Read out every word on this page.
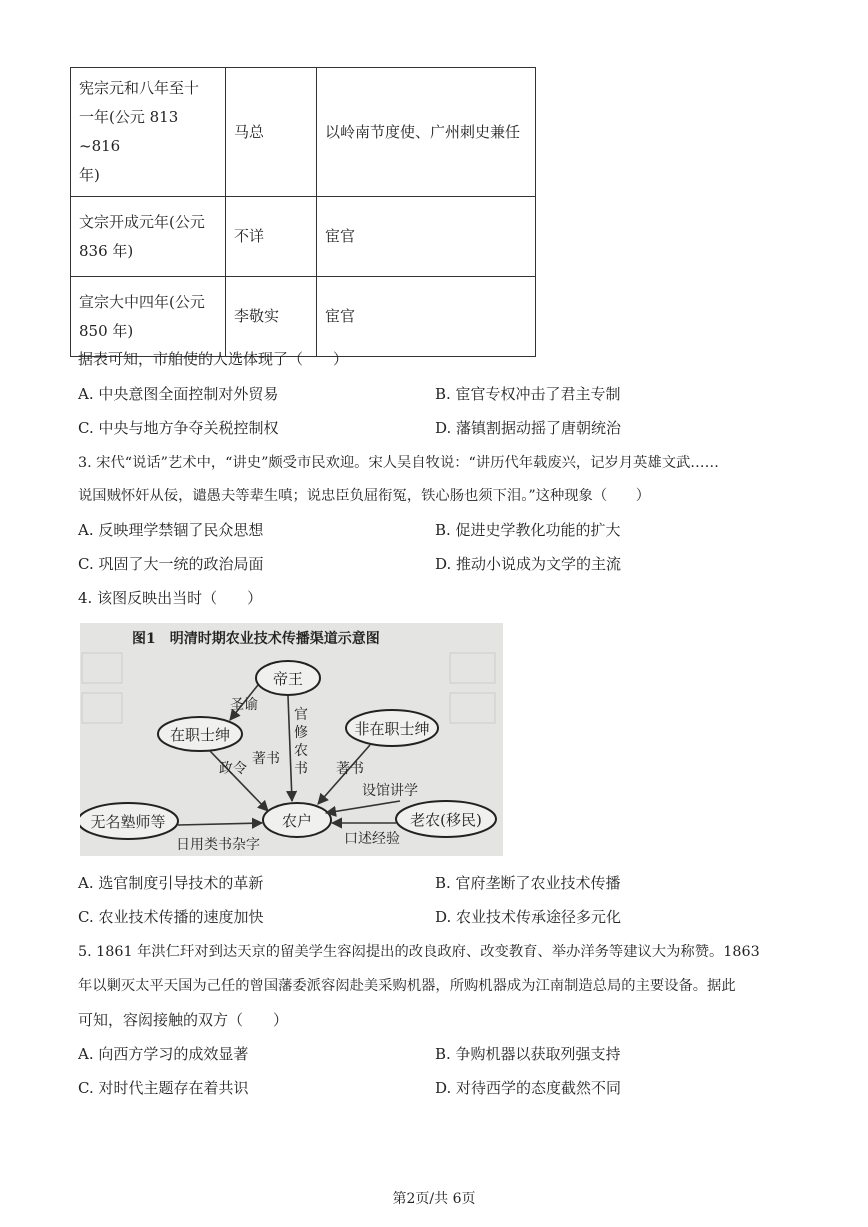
宪宗元和八年至十
一年(公元 813 ~816
年)	马总	以岭南节度使、广州刺史兼任

文宗开成元年(公元
836 年)	不详	宦官

宣宗大中四年(公元
850 年)	李敬实	宦官
据表可知，市舶使的人选体现了（　　）
A. 中央意图全面控制对外贸易	B. 宦官专权冲击了君主专制
C. 中央与地方争夺关税控制权	D. 藩镇割据动摇了唐朝统治
3. 宋代“说话”艺术中，“讲史”颇受市民欢迎。宋人吴自牧说：“讲历代年载废兴，记岁月英雄文武……
说国贼怀奸从佞，谴愚夫等辈生嗔；说忠臣负屈衔冤，铁心肠也须下泪。”这种现象（　　）
A. 反映理学禁锢了民众思想	B. 促进史学教化功能的扩大
C. 巩固了大一统的政治局面	D. 推动小说成为文学的主流
4. 该图反映出当时（　　）
图1　明清时期农业技术传播渠道示意图
帝王
在职士绅	非在职士绅
无名塾师等	农户	老农(移民)
圣谕
官
修
农
书
政令
著书
著书
设馆讲学
日用类书杂字	口述经验
A. 选官制度引导技术的革新	B. 官府垄断了农业技术传播
C. 农业技术传播的速度加快	D. 农业技术传承途径多元化
5. 1861 年洪仁玕对到达天京的留美学生容闳提出的改良政府、改变教育、举办洋务等建议大为称赞。1863
年以剿灭太平天国为己任的曾国藩委派容闳赴美采购机器，所购机器成为江南制造总局的主要设备。据此
可知，容闳接触的双方（　　）
A. 向西方学习的成效显著	B. 争购机器以获取列强支持
C. 对时代主题存在着共识	D. 对待西学的态度截然不同
第2页/共 6页
